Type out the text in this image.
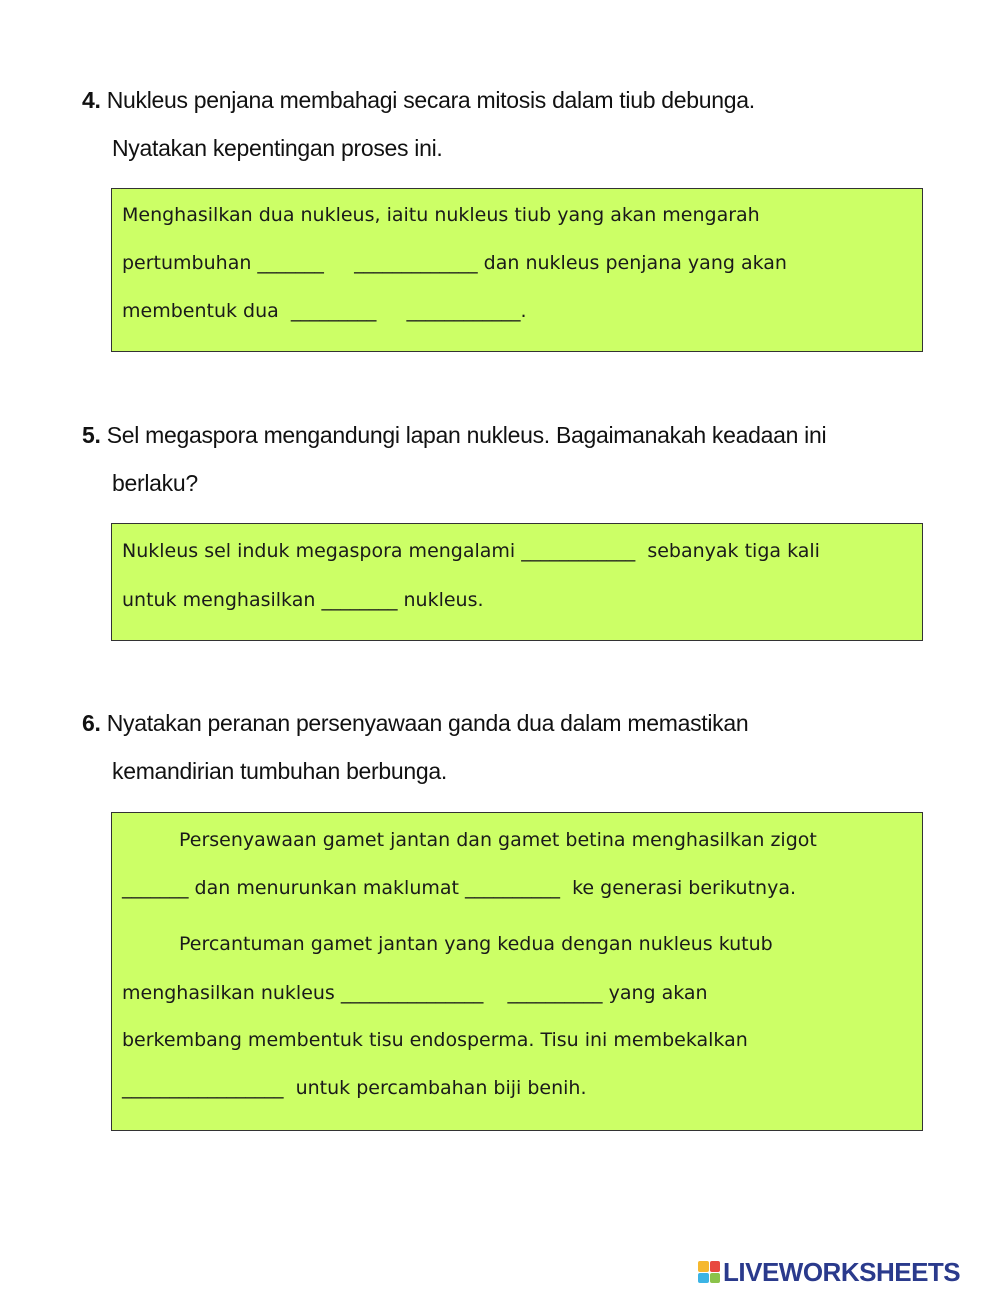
4. Nukleus penjana membahagi secara mitosis dalam tiub debunga.
Nyatakan kepentingan proses ini.
Menghasilkan dua nukleus, iaitu nukleus tiub yang akan mengarah
pertumbuhan _______     _____________ dan nukleus penjana yang akan
membentuk dua  _________     ____________.
5. Sel megaspora mengandungi lapan nukleus. Bagaimanakah keadaan ini
berlaku?
Nukleus sel induk megaspora mengalami ____________  sebanyak tiga kali
untuk menghasilkan ________ nukleus.
6. Nyatakan peranan persenyawaan ganda dua dalam memastikan
kemandirian tumbuhan berbunga.
Persenyawaan gamet jantan dan gamet betina menghasilkan zigot
_______ dan menurunkan maklumat __________  ke generasi berikutnya.
Percantuman gamet jantan yang kedua dengan nukleus kutub
menghasilkan nukleus _______________    __________ yang akan
berkembang membentuk tisu endosperma. Tisu ini membekalkan
_________________  untuk percambahan biji benih.
LIVEWORKSHEETS
